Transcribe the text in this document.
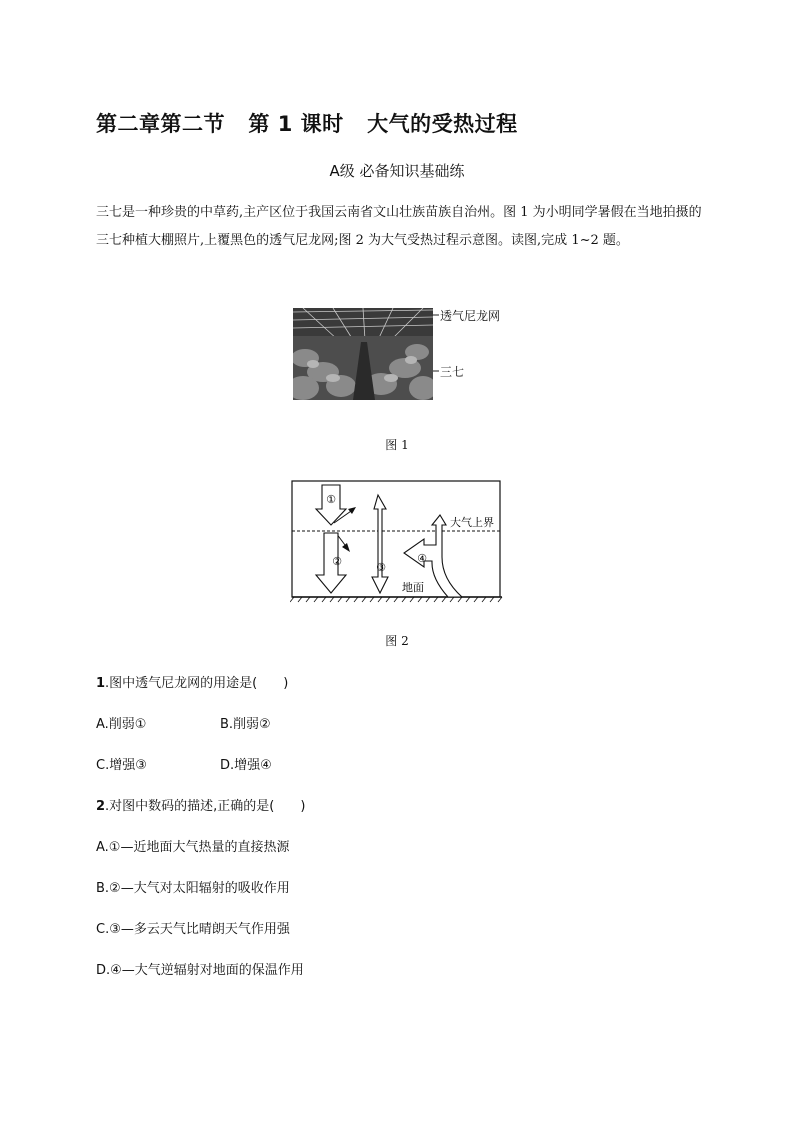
第二章第二节   第 1 课时   大气的受热过程
A级 必备知识基础练
三七是一种珍贵的中草药,主产区位于我国云南省文山壮族苗族自治州。图 1 为小明同学暑假在当地拍摄的三七种植大棚照片,上覆黑色的透气尼龙网;图 2 为大气受热过程示意图。读图,完成 1~2 题。
透气尼龙网
三七
图 1
①
②	③
④
大气上界
地面
图 2
1.图中透气尼龙网的用途是(　　)
A.削弱①	B.削弱②
C.增强③	D.增强④
2.对图中数码的描述,正确的是(　　)
A.①—近地面大气热量的直接热源
B.②—大气对太阳辐射的吸收作用
C.③—多云天气比晴朗天气作用强
D.④—大气逆辐射对地面的保温作用
